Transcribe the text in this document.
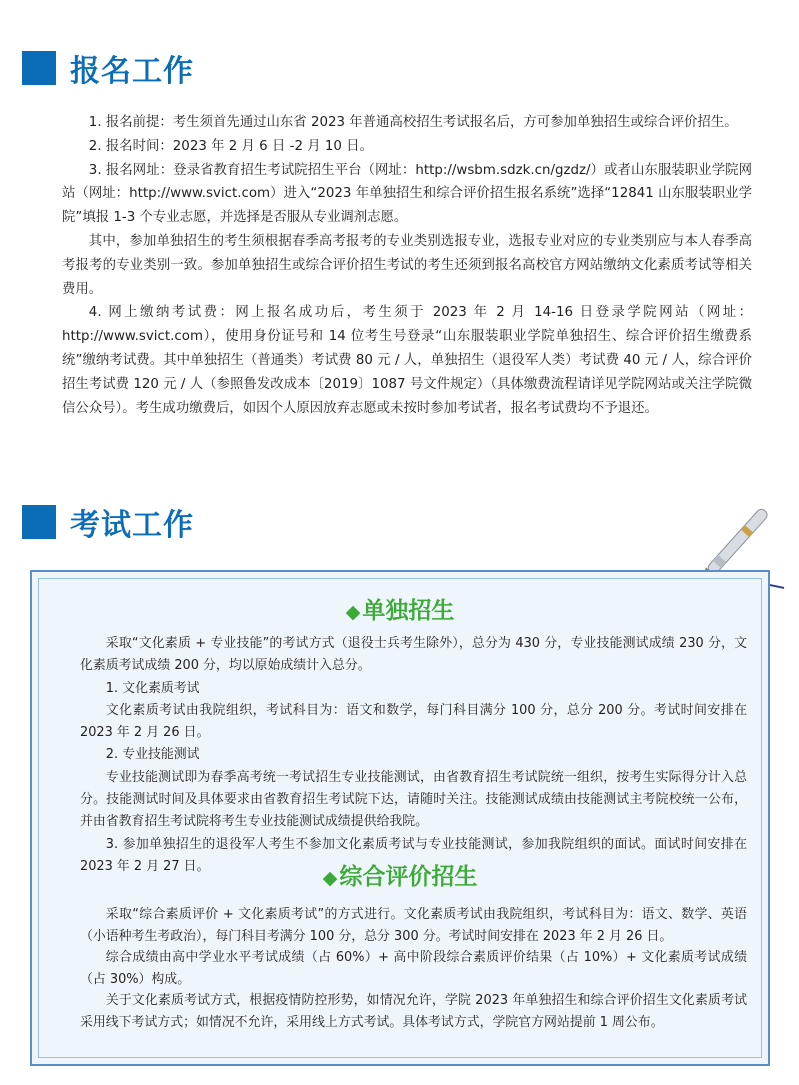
报名工作

1. 报名前提：考生须首先通过山东省 2023 年普通高校招生考试报名后，方可参加单独招生或综合评价招生。

2. 报名时间：2023 年 2 月 6 日 -2 月 10 日。

3. 报名网址：登录省教育招生考试院招生平台（网址：http://wsbm.sdzk.cn/gzdz/）或者山东服装职业学院网站（网址：http://www.svict.com）进入“2023 年单独招生和综合评价招生报名系统”选择“12841 山东服装职业学院”填报 1-3 个专业志愿，并选择是否服从专业调剂志愿。

其中，参加单独招生的考生须根据春季高考报考的专业类别选报专业，选报专业对应的专业类别应与本人春季高考报考的专业类别一致。参加单独招生或综合评价招生考试的考生还须到报名高校官方网站缴纳文化素质考试等相关费用。

4. 网上缴纳考试费：网上报名成功后，考生须于 2023 年 2 月 14-16 日登录学院网站（网址：http://www.svict.com），使用身份证号和 14 位考生号登录“山东服装职业学院单独招生、综合评价招生缴费系统”缴纳考试费。其中单独招生（普通类）考试费 80 元 / 人，单独招生（退役军人类）考试费 40 元 / 人，综合评价招生考试费 120 元 / 人（参照鲁发改成本〔2019〕1087 号文件规定）（具体缴费流程请详见学院网站或关注学院微信公众号）。考生成功缴费后，如因个人原因放弃志愿或未按时参加考试者，报名考试费均不予退还。

考试工作
◆单独招生

采取“文化素质 + 专业技能”的考试方式（退役士兵考生除外），总分为 430 分，专业技能测试成绩 230 分，文化素质考试成绩 200 分，均以原始成绩计入总分。

1. 文化素质考试

文化素质考试由我院组织，考试科目为：语文和数学，每门科目满分 100 分，总分 200 分。考试时间安排在 2023 年 2 月 26 日。

2. 专业技能测试

专业技能测试即为春季高考统一考试招生专业技能测试，由省教育招生考试院统一组织，按考生实际得分计入总分。技能测试时间及具体要求由省教育招生考试院下达，请随时关注。技能测试成绩由技能测试主考院校统一公布，并由省教育招生考试院将考生专业技能测试成绩提供给我院。

3. 参加单独招生的退役军人考生不参加文化素质考试与专业技能测试，参加我院组织的面试。面试时间安排在 2023 年 2 月 27 日。

◆综合评价招生

采取“综合素质评价 + 文化素质考试”的方式进行。文化素质考试由我院组织，考试科目为：语文、数学、英语（小语种考生考政治），每门科目考满分 100 分，总分 300 分。考试时间安排在 2023 年 2 月 26 日。

综合成绩由高中学业水平考试成绩（占 60%）+ 高中阶段综合素质评价结果（占 10%）+ 文化素质考试成绩（占 30%）构成。

关于文化素质考试方式，根据疫情防控形势，如情况允许，学院 2023 年单独招生和综合评价招生文化素质考试采用线下考试方式；如情况不允许，采用线上方式考试。具体考试方式，学院官方网站提前 1 周公布。
